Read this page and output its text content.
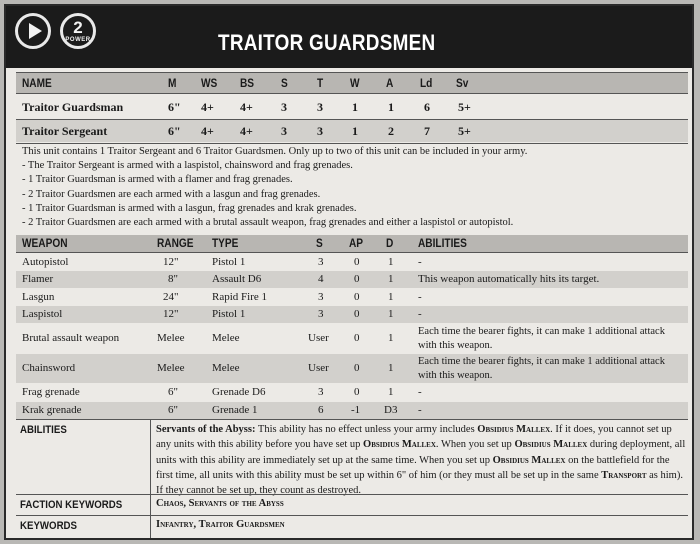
2
POWER	TRAITOR GUARDSMEN
NAME	M WS BS S	T W A Ld Sv
Traitor Guardsman	6" 4+ 4+ 3	3 1	1	6 5+
Traitor Sergeant	6" 4+ 4+ 3	3 1	2	7 5+
This unit contains 1 Traitor Sergeant and 6 Traitor Guardsmen. Only up to two of this unit can be included in your army.
- The Traitor Sergeant is armed with a laspistol, chainsword and frag grenades.
- 1 Traitor Guardsman is armed with a flamer and frag grenades.
- 2 Traitor Guardsmen are each armed with a lasgun and frag grenades.
- 1 Traitor Guardsman is armed with a lasgun, frag grenades and krak grenades.
- 2 Traitor Guardsmen are each armed with a brutal assault weapon, frag grenades and either a laspistol or autopistol.
WEAPON	RANGE TYPE	S AP D ABILITIES
Autopistol	12"	Pistol 1	3	0	1 -
Flamer	8"	Assault D6	4	0	1 This weapon automatically hits its target.
Lasgun	24"	Rapid Fire 1	3	0	1 -
Laspistol	12"	Pistol 1	3	0	1 -
Brutal assault weapon	Melee	Melee	User 0	1
Each time the bearer fights, it can make 1 additional attack with this weapon.
Chainsword	Melee	Melee	User 0	1
Each time the bearer fights, it can make 1 additional attack with this weapon.
Frag grenade	6"	Grenade D6	3	0	1 -
Krak grenade	6"	Grenade 1	6	-1 D3 -
ABILITIES	Servants of the Abyss: This ability has no effect unless your army includes Obsidius Mallex. If it does, you cannot set up any units with this ability before you have set up Obsidius Mallex. When you set up Obsidius Mallex during deployment, all units with this ability are immediately set up at the same time. When you set up Obsidius Mallex on the battlefield for the first time, all units with this ability must be set up within 6" of him (or they must all be set up in the same Transport as him). If they cannot be set up, they count as destroyed.
FACTION KEYWORDS	Chaos, Servants of the Abyss
KEYWORDS	Infantry, Traitor Guardsmen
